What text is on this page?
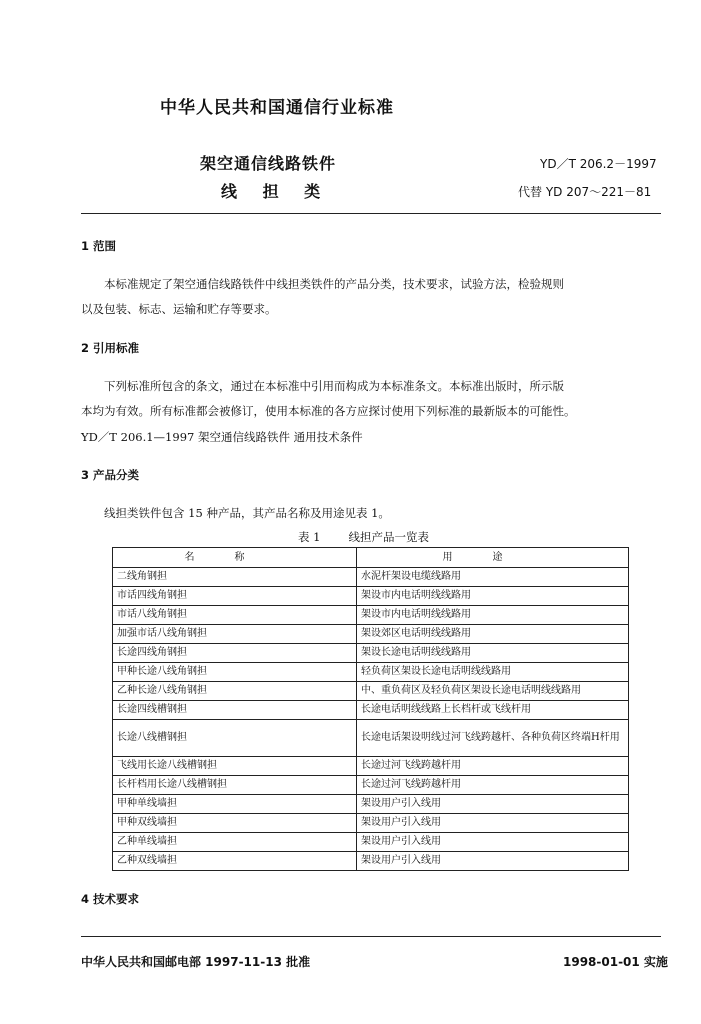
中华人民共和国通信行业标准
架空通信线路铁件
线 担 类
YD／T 206.2－1997
代替 YD 207～221－81
1 范围
本标准规定了架空通信线路铁件中线担类铁件的产品分类，技术要求，试验方法，检验规则
以及包装、标志、运输和贮存等要求。
2 引用标准
下列标准所包含的条文，通过在本标准中引用而构成为本标准条文。本标准出版时，所示版
本均为有效。所有标准都会被修订，使用本标准的各方应探讨使用下列标准的最新版本的可能性。
YD／T 206.1—1997 架空通信线路铁件 通用技术条件
3 产品分类
线担类铁件包含 15 种产品，其产品名称及用途见表 1。
表 1 线担产品一览表
名称	用途
二线角钢担	水泥杆架设电缆线路用
市话四线角钢担	架设市内电话明线线路用
市话八线角钢担	架设市内电话明线线路用
加强市话八线角钢担	架设郊区电话明线线路用
长途四线角钢担	架设长途电话明线线路用
甲种长途八线角钢担	轻负荷区架设长途电话明线线路用
乙种长途八线角钢担	中、重负荷区及轻负荷区架设长途电话明线线路用
长途四线槽钢担	长途电话明线线路上长档杆或飞线杆用
长途八线槽钢担	长途电话架设明线过河飞线跨越杆、各种负荷区终端H杆用
飞线用长途八线槽钢担	长途过河飞线跨越杆用
长杆档用长途八线槽钢担	长途过河飞线跨越杆用
甲种单线墙担	架设用户引入线用
甲种双线墙担	架设用户引入线用
乙种单线墙担	架设用户引入线用
乙种双线墙担	架设用户引入线用
4 技术要求
中华人民共和国邮电部 1997-11-13 批准	1998-01-01 实施
